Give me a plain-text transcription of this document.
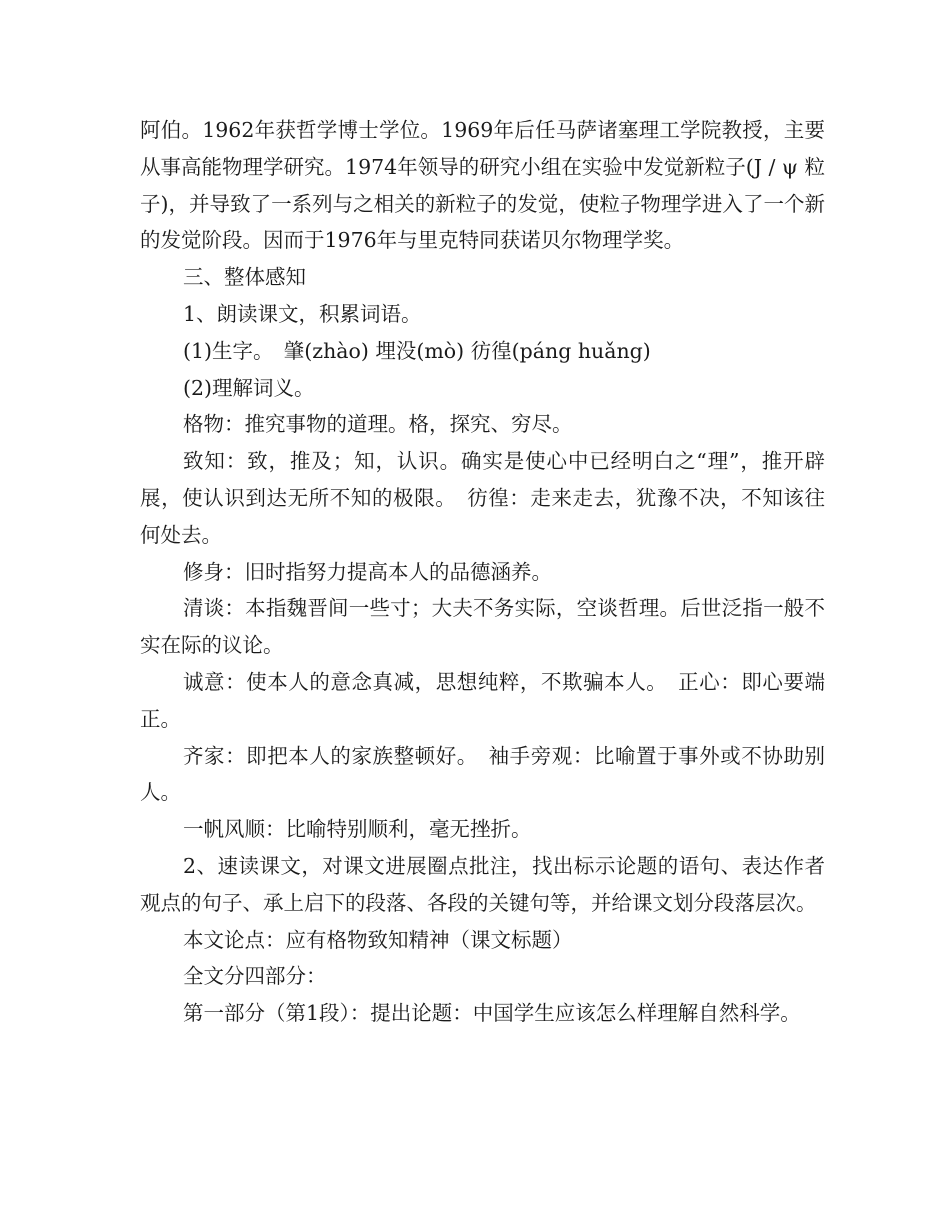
阿伯。1962年获哲学博士学位。1969年后任马萨诸塞理工学院教授，主要从事高能物理学研究。1974年领导的研究小组在实验中发觉新粒子(J / ψ 粒子)，并导致了一系列与之相关的新粒子的发觉，使粒子物理学进入了一个新的发觉阶段。因而于1976年与里克特同获诺贝尔物理学奖。

三、整体感知

1、朗读课文，积累词语。

(1)生字。　肇(zhào) 埋没(mò) 彷徨(páng huǎng)

(2)理解词义。

格物：推究事物的道理。格，探究、穷尽。

致知：致，推及；知，认识。确实是使心中已经明白之“理”，推开辟展，使认识到达无所不知的极限。　彷徨：走来走去，犹豫不决，不知该往何处去。

修身：旧时指努力提高本人的品德涵养。

清谈：本指魏晋间一些寸；大夫不务实际，空谈哲理。后世泛指一般不实在际的议论。

诚意：使本人的意念真减，思想纯粹，不欺骗本人。　正心：即心要端正。

齐家：即把本人的家族整顿好。　袖手旁观：比喻置于事外或不协助别人。

一帆风顺：比喻特别顺利，毫无挫折。

2、速读课文，对课文进展圈点批注，找出标示论题的语句、表达作者观点的句子、承上启下的段落、各段的关键句等，并给课文划分段落层次。

本文论点：应有格物致知精神（课文标题）

全文分四部分：

第一部分（第1段）：提出论题：中国学生应该怎么样理解自然科学。
